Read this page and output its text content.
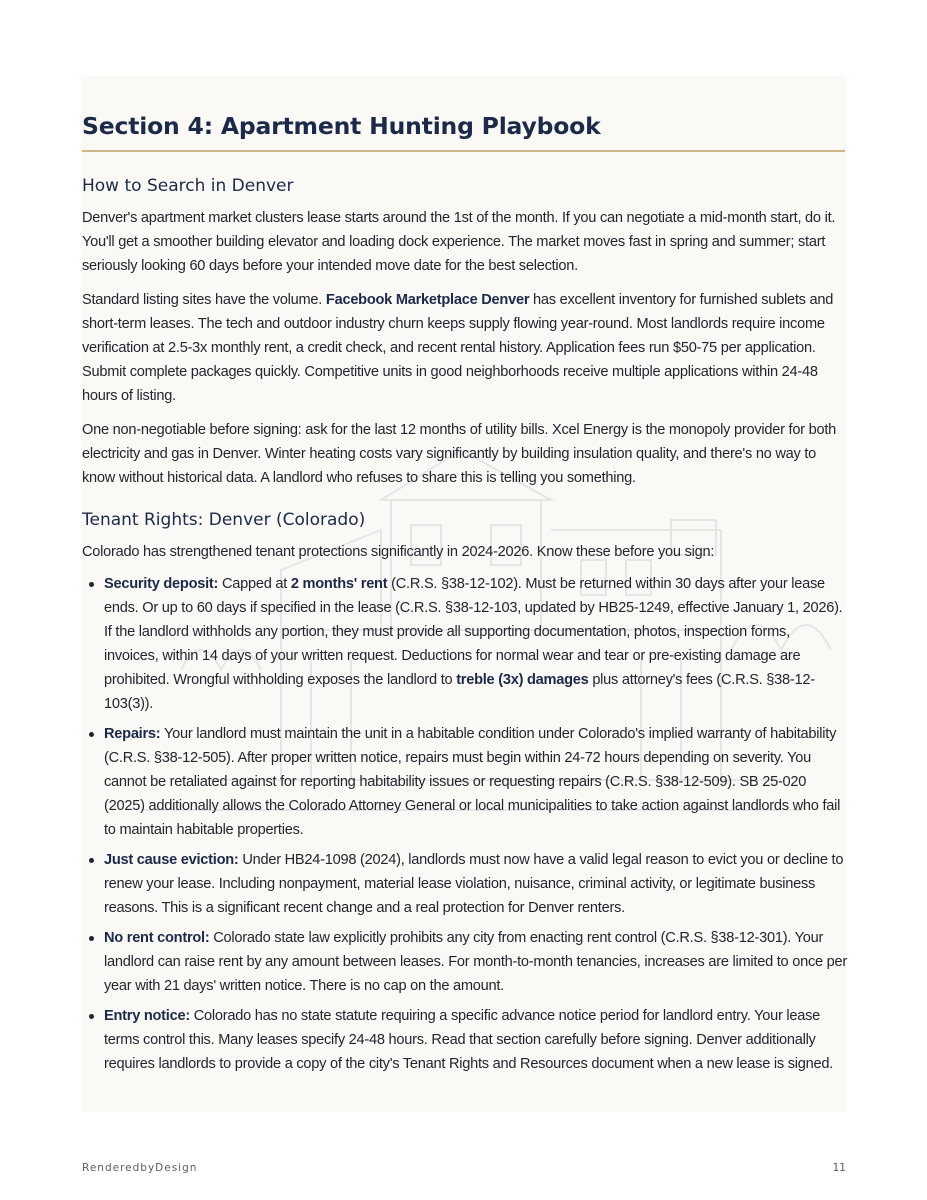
Section 4: Apartment Hunting Playbook
How to Search in Denver

Denver's apartment market clusters lease starts around the 1st of the month. If you can negotiate a mid-month start, do it. You'll get a smoother building elevator and loading dock experience. The market moves fast in spring and summer; start seriously looking 60 days before your intended move date for the best selection.

Standard listing sites have the volume. Facebook Marketplace Denver has excellent inventory for furnished sublets and short-term leases. The tech and outdoor industry churn keeps supply flowing year-round. Most landlords require income verification at 2.5-3x monthly rent, a credit check, and recent rental history. Application fees run $50-75 per application. Submit complete packages quickly. Competitive units in good neighborhoods receive multiple applications within 24-48 hours of listing.

One non-negotiable before signing: ask for the last 12 months of utility bills. Xcel Energy is the monopoly provider for both electricity and gas in Denver. Winter heating costs vary significantly by building insulation quality, and there's no way to know without historical data. A landlord who refuses to share this is telling you something.

Tenant Rights: Denver (Colorado)

Colorado has strengthened tenant protections significantly in 2024-2026. Know these before you sign:

Security deposit: Capped at 2 months' rent (C.R.S. §38-12-102). Must be returned within 30 days after your lease ends. Or up to 60 days if specified in the lease (C.R.S. §38-12-103, updated by HB25-1249, effective January 1, 2026). If the landlord withholds any portion, they must provide all supporting documentation, photos, inspection forms, invoices, within 14 days of your written request. Deductions for normal wear and tear or pre-existing damage are prohibited. Wrongful withholding exposes the landlord to treble (3x) damages plus attorney's fees (C.R.S. §38-12-103(3)).
Repairs: Your landlord must maintain the unit in a habitable condition under Colorado's implied warranty of habitability (C.R.S. §38-12-505). After proper written notice, repairs must begin within 24-72 hours depending on severity. You cannot be retaliated against for reporting habitability issues or requesting repairs (C.R.S. §38-12-509). SB 25-020 (2025) additionally allows the Colorado Attorney General or local municipalities to take action against landlords who fail to maintain habitable properties.
Just cause eviction: Under HB24-1098 (2024), landlords must now have a valid legal reason to evict you or decline to renew your lease. Including nonpayment, material lease violation, nuisance, criminal activity, or legitimate business reasons. This is a significant recent change and a real protection for Denver renters.
No rent control: Colorado state law explicitly prohibits any city from enacting rent control (C.R.S. §38-12-301). Your landlord can raise rent by any amount between leases. For month-to-month tenancies, increases are limited to once per year with 21 days' written notice. There is no cap on the amount.
Entry notice: Colorado has no state statute requiring a specific advance notice period for landlord entry. Your lease terms control this. Many leases specify 24-48 hours. Read that section carefully before signing. Denver additionally requires landlords to provide a copy of the city's Tenant Rights and Resources document when a new lease is signed.
RenderedbyDesign	11
